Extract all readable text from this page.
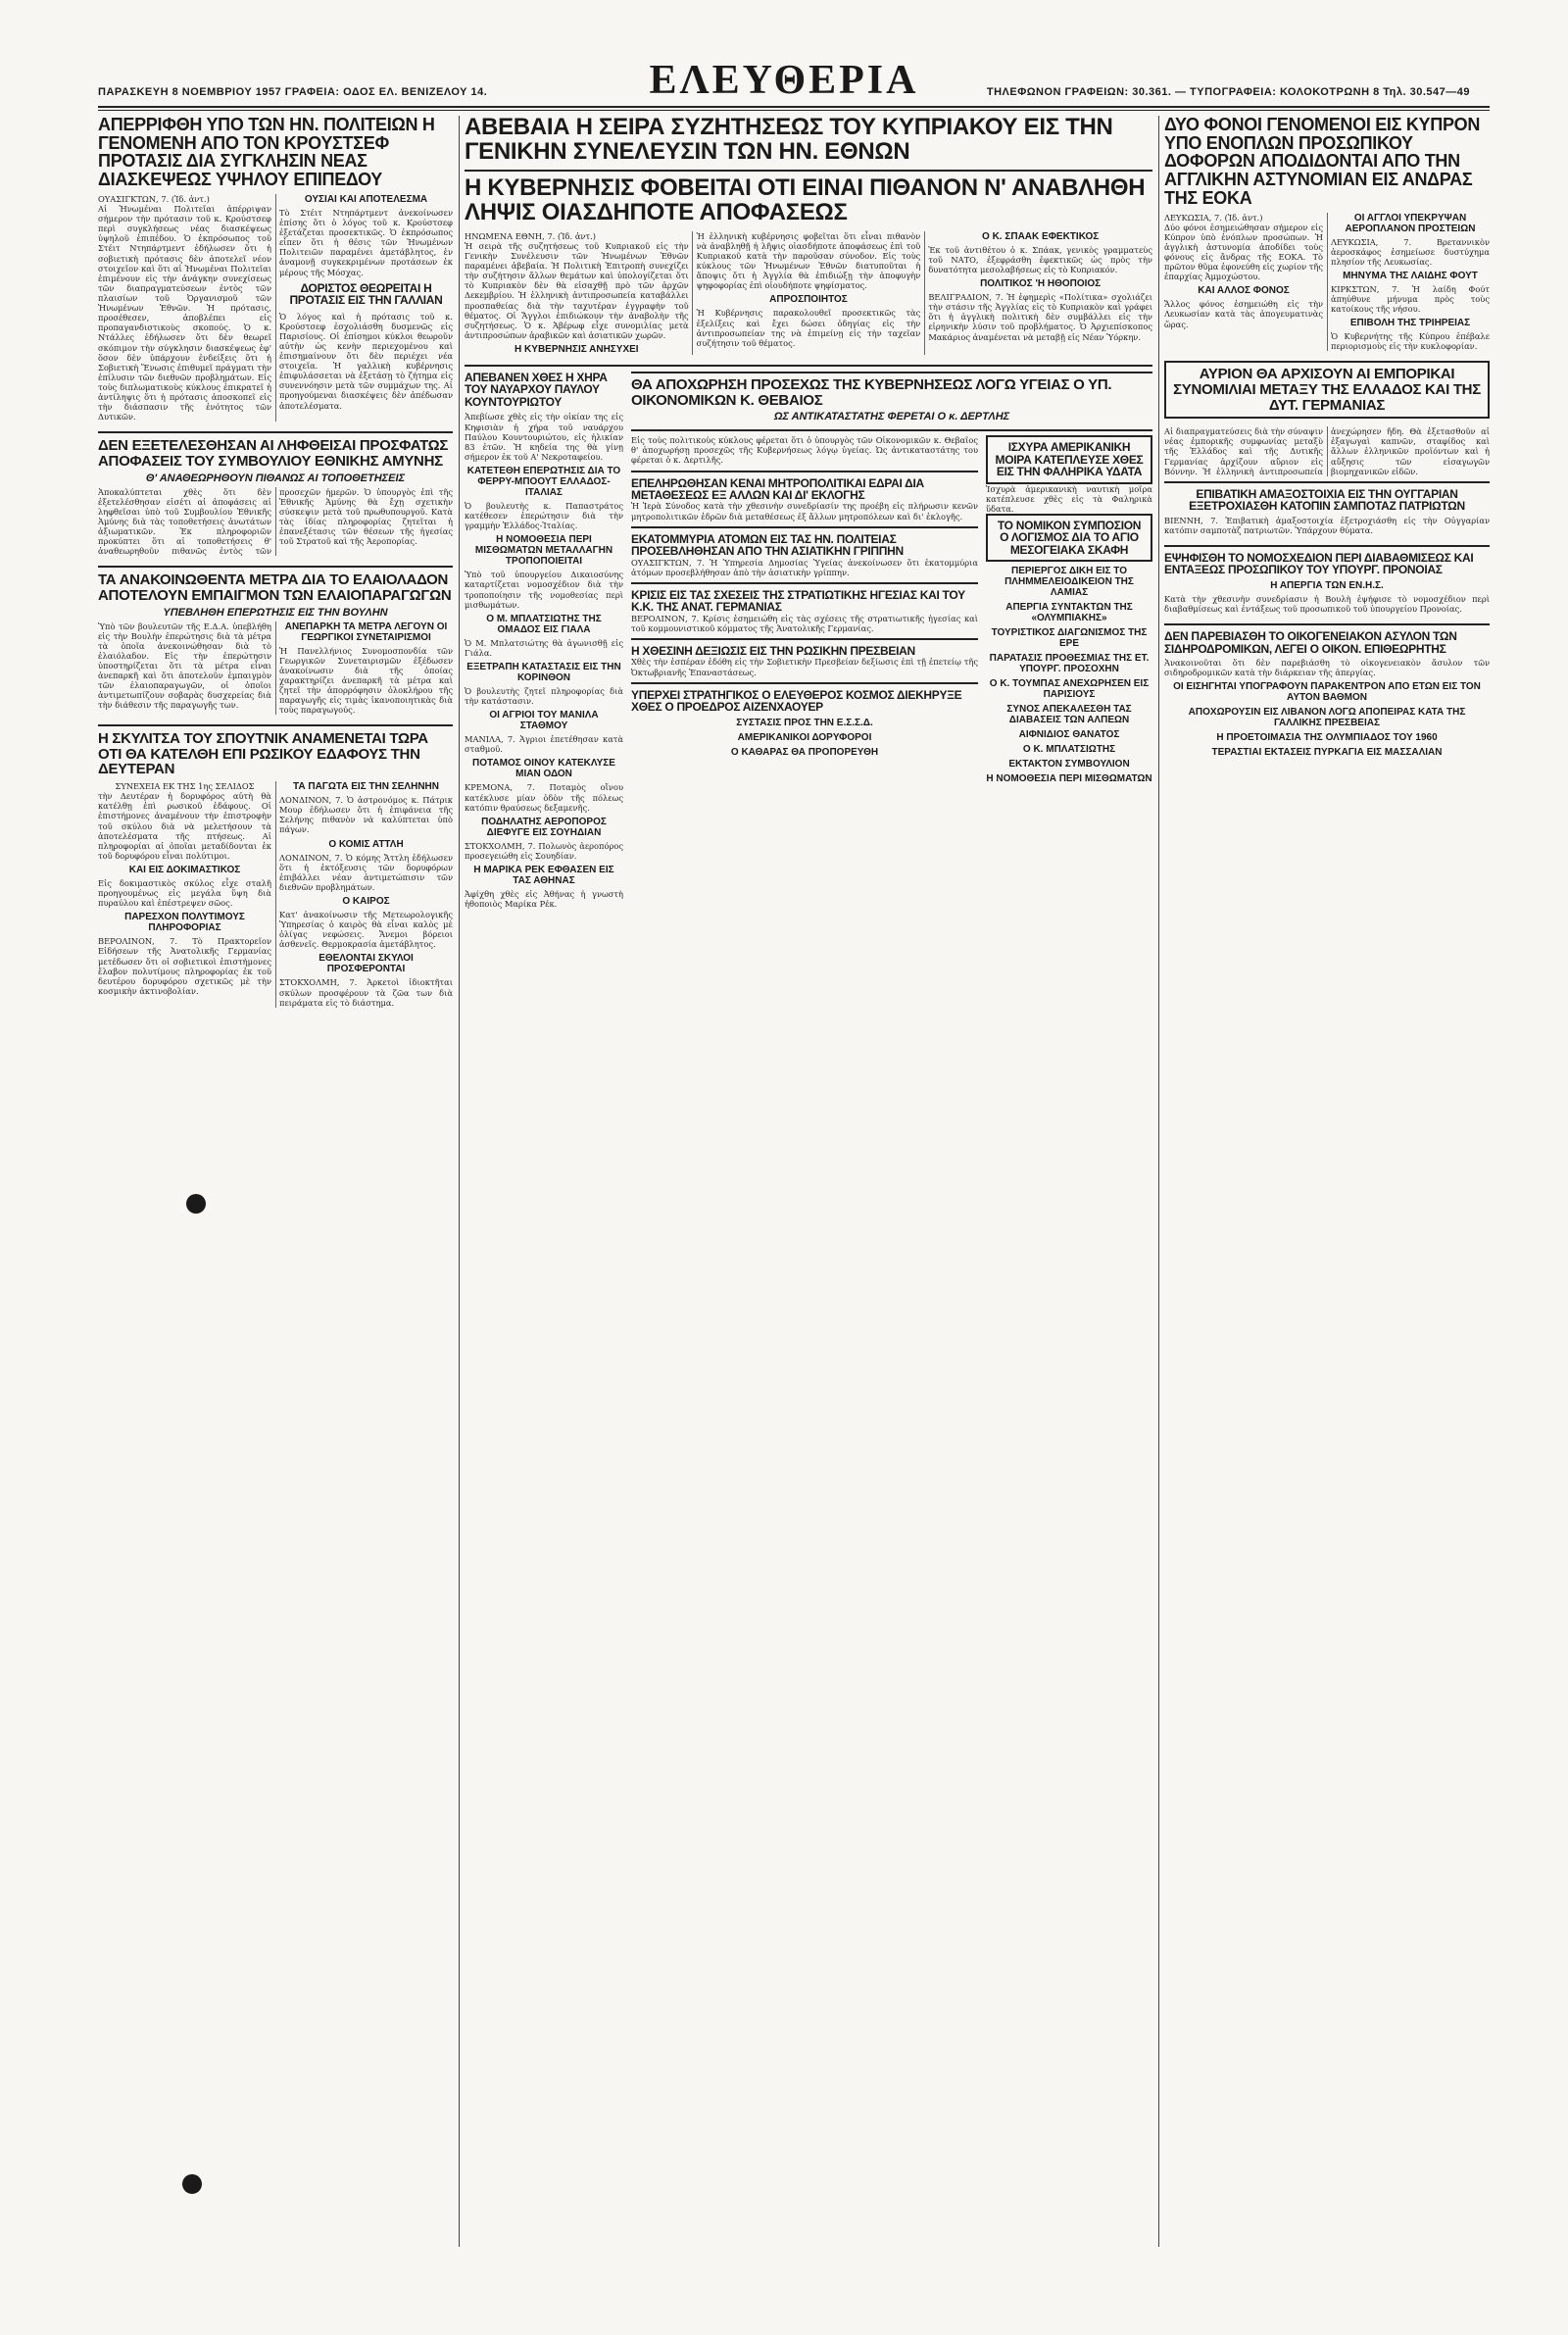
ΠΑΡΑΣΚΕΥΗ 8 ΝΟΕΜΒΡΙΟΥ 1957 ΓΡΑΦΕΙΑ: ΟΔΟΣ ΕΛ. ΒΕΝΙΖΕΛΟΥ 14.	ΕΛΕΥΘΕΡΙΑ	ΤΗΛΕΦΩΝΟΝ ΓΡΑΦΕΙΩΝ: 30.361. — ΤΥΠΟΓΡΑΦΕΙΑ: ΚΟΛΟΚΟΤΡΩΝΗ 8 Τηλ. 30.547—49
ΑΠΕΡΡΙΦΘΗ ΥΠΟ ΤΩΝ ΗΝ. ΠΟΛΙΤΕΙΩΝ Η ΓΕΝΟΜΕΝΗ ΑΠΟ ΤΟΝ ΚΡΟΥΣΤΣΕΦ ΠΡΟΤΑΣΙΣ ΔΙΑ ΣΥΓΚΛΗΣΙΝ ΝΕΑΣ ΔΙΑΣΚΕΨΕΩΣ ΥΨΗΛΟΥ ΕΠΙΠΕΔΟΥ

ΟΥΑΣΙΓΚΤΩΝ, 7. (Ἰδ. ἀντ.)

Αἱ Ἡνωμέναι Πολιτεῖαι ἀπέρριψαν σήμερον τὴν πρότασιν τοῦ κ. Κρούστσεφ περὶ συγκλήσεως νέας διασκέψεως ὑψηλοῦ ἐπιπέδου. Ὁ ἐκπρόσωπος τοῦ Στέιτ Ντηπάρτμεντ ἐδήλωσεν ὅτι ἡ σοβιετικὴ πρότασις δὲν ἀποτελεῖ νέον στοιχεῖον καὶ ὅτι αἱ Ἡνωμέναι Πολιτεῖαι ἐπιμένουν εἰς τὴν ἀνάγκην συνεχίσεως τῶν διαπραγματεύσεων ἐντὸς τῶν πλαισίων τοῦ Ὀργανισμοῦ τῶν Ἡνωμένων Ἐθνῶν. Ἡ πρότασις, προσέθεσεν, ἀποβλέπει εἰς προπαγανδιστικοὺς σκοπούς. Ὁ κ. Ντάλλες ἐδήλωσεν ὅτι δὲν θεωρεῖ σκόπιμον τὴν σύγκλησιν διασκέψεως ἐφ' ὅσον δὲν ὑπάρχουν ἐνδείξεις ὅτι ἡ Σοβιετικὴ Ἕνωσις ἐπιθυμεῖ πράγματι τὴν ἐπίλυσιν τῶν διεθνῶν προβλημάτων. Εἰς τοὺς διπλωματικοὺς κύκλους ἐπικρατεῖ ἡ ἀντίληψις ὅτι ἡ πρότασις ἀποσκοπεῖ εἰς τὴν διάσπασιν τῆς ἑνότητος τῶν Δυτικῶν.

ΟΥΣΙΑΙ ΚΑΙ ΑΠΟΤΕΛΕΣΜΑ

Τὸ Στέιτ Ντηπάρτμεντ ἀνεκοίνωσεν ἐπίσης ὅτι ὁ λόγος τοῦ κ. Κρούστσεφ ἐξετάζεται προσεκτικῶς. Ὁ ἐκπρόσωπος εἶπεν ὅτι ἡ θέσις τῶν Ἡνωμένων Πολιτειῶν παραμένει ἀμετάβλητος, ἐν ἀναμονῇ συγκεκριμένων προτάσεων ἐκ μέρους τῆς Μόσχας.

ΔΟΡΙΣΤΟΣ ΘΕΩΡΕΙΤΑΙ Η ΠΡΟΤΑΣΙΣ ΕΙΣ ΤΗΝ ΓΑΛΛΙΑΝ

Ὁ λόγος καὶ ἡ πρότασις τοῦ κ. Κρούστσεφ ἐσχολιάσθη δυσμενῶς εἰς Παρισίους. Οἱ ἐπίσημοι κύκλοι θεωροῦν αὐτὴν ὡς κενὴν περιεχομένου καὶ ἐπισημαίνουν ὅτι δὲν περιέχει νέα στοιχεῖα. Ἡ γαλλικὴ κυβέρνησις ἐπιφυλάσσεται νὰ ἐξετάσῃ τὸ ζήτημα εἰς συνεννόησιν μετὰ τῶν συμμάχων της. Αἱ προηγούμεναι διασκέψεις δὲν ἀπέδωσαν ἀποτελέσματα.

ΔΕΝ ΕΞΕΤΕΛΕΣΘΗΣΑΝ ΑΙ ΛΗΦΘΕΙΣΑΙ ΠΡΟΣΦΑΤΩΣ ΑΠΟΦΑΣΕΙΣ ΤΟΥ ΣΥΜΒΟΥΛΙΟΥ ΕΘΝΙΚΗΣ ΑΜΥΝΗΣ
Θ' ΑΝΑΘΕΩΡΗΘΟΥΝ ΠΙΘΑΝΩΣ ΑΙ ΤΟΠΟΘΕΤΗΣΕΙΣ

Ἀποκαλύπτεται χθὲς ὅτι δὲν ἐξετελέσθησαν εἰσέτι αἱ ἀποφάσεις αἱ ληφθεῖσαι ὑπὸ τοῦ Συμβουλίου Ἐθνικῆς Ἀμύνης διὰ τὰς τοποθετήσεις ἀνωτάτων ἀξιωματικῶν. Ἐκ πληροφοριῶν προκύπτει ὅτι αἱ τοποθετήσεις θ' ἀναθεωρηθοῦν πιθανῶς ἐντὸς τῶν προσεχῶν ἡμερῶν. Ὁ ὑπουργὸς ἐπὶ τῆς Ἐθνικῆς Ἀμύνης θὰ ἔχῃ σχετικὴν σύσκεψιν μετὰ τοῦ πρωθυπουργοῦ. Κατὰ τὰς ἰδίας πληροφορίας ζητεῖται ἡ ἐπανεξέτασις τῶν θέσεων τῆς ἡγεσίας τοῦ Στρατοῦ καὶ τῆς Ἀεροπορίας.

ΤΑ ΑΝΑΚΟΙΝΩΘΕΝΤΑ ΜΕΤΡΑ ΔΙΑ ΤΟ ΕΛΑΙΟΛΑΔΟΝ ΑΠΟΤΕΛΟΥΝ ΕΜΠΑΙΓΜΟΝ ΤΩΝ ΕΛΑΙΟΠΑΡΑΓΩΓΩΝ
ΥΠΕΒΛΗΘΗ ΕΠΕΡΩΤΗΣΙΣ ΕΙΣ ΤΗΝ ΒΟΥΛΗΝ

Ὑπὸ τῶν βουλευτῶν τῆς Ε.Δ.Α. ὑπεβλήθη εἰς τὴν Βουλὴν ἐπερώτησις διὰ τὰ μέτρα τὰ ὁποῖα ἀνεκοινώθησαν διὰ τὸ ἐλαιόλαδον. Εἰς τὴν ἐπερώτησιν ὑποστηρίζεται ὅτι τὰ μέτρα εἶναι ἀνεπαρκῆ καὶ ὅτι ἀποτελοῦν ἐμπαιγμὸν τῶν ἐλαιοπαραγωγῶν, οἱ ὁποῖοι ἀντιμετωπίζουν σοβαρὰς δυσχερείας διὰ τὴν διάθεσιν τῆς παραγωγῆς των.

ΑΝΕΠΑΡΚΗ ΤΑ ΜΕΤΡΑ ΛΕΓΟΥΝ ΟΙ ΓΕΩΡΓΙΚΟΙ ΣΥΝΕΤΑΙΡΙΣΜΟΙ

Ἡ Πανελλήνιος Συνομοσπονδία τῶν Γεωργικῶν Συνεταιρισμῶν ἐξέδωσεν ἀνακοίνωσιν διὰ τῆς ὁποίας χαρακτηρίζει ἀνεπαρκῆ τὰ μέτρα καὶ ζητεῖ τὴν ἀπορρόφησιν ὁλοκλήρου τῆς παραγωγῆς εἰς τιμὰς ἱκανοποιητικὰς διὰ τοὺς παραγωγούς.

Η ΣΚΥΛΙΤΣΑ ΤΟΥ ΣΠΟΥΤΝΙΚ ΑΝΑΜΕΝΕΤΑΙ ΤΩΡΑ ΟΤΙ ΘΑ ΚΑΤΕΛΘΗ ΕΠΙ ΡΩΣΙΚΟΥ ΕΔΑΦΟΥΣ ΤΗΝ ΔΕΥΤΕΡΑΝ

ΣΥΝΕΧΕΙΑ ΕΚ ΤΗΣ 1ης ΣΕΛΙΔΟΣ

τὴν Δευτέραν ἡ δορυφόρος αὐτὴ θὰ κατέλθῃ ἐπὶ ρωσικοῦ ἐδάφους. Οἱ ἐπιστήμονες ἀναμένουν τὴν ἐπιστροφὴν τοῦ σκύλου διὰ νὰ μελετήσουν τὰ ἀποτελέσματα τῆς πτήσεως. Αἱ πληροφορίαι αἱ ὁποῖαι μεταδίδονται ἐκ τοῦ δορυφόρου εἶναι πολύτιμοι.

ΚΑΙ ΕΙΣ ΔΟΚΙΜΑΣΤΙΚΟΣ

Εἰς δοκιμαστικὸς σκύλος εἶχε σταλῆ προηγουμένως εἰς μεγάλα ὕψη διὰ πυραύλου καὶ ἐπέστρεψεν σῶος.

ΠΑΡΕΣΧΟΝ ΠΟΛΥΤΙΜΟΥΣ ΠΛΗΡΟΦΟΡΙΑΣ

ΒΕΡΟΛΙΝΟΝ, 7. Τὸ Πρακτορεῖον Εἰδήσεων τῆς Ἀνατολικῆς Γερμανίας μετέδωσεν ὅτι οἱ σοβιετικοὶ ἐπιστήμονες ἔλαβον πολυτίμους πληροφορίας ἐκ τοῦ δευτέρου δορυφόρου σχετικῶς μὲ τὴν κοσμικὴν ἀκτινοβολίαν.

ΤΑ ΠΑΓΩΤΑ ΕΙΣ ΤΗΝ ΣΕΛΗΝΗΝ

ΛΟΝΔΙΝΟΝ, 7. Ὁ ἀστρονόμος κ. Πάτρικ Μουρ ἐδήλωσεν ὅτι ἡ ἐπιφάνεια τῆς Σελήνης πιθανὸν νὰ καλύπτεται ὑπὸ πάγων.

Ο ΚΟΜΙΣ ΑΤΤΛΗ

ΛΟΝΔΙΝΟΝ, 7. Ὁ κόμης Ἄττλη ἐδήλωσεν ὅτι ἡ ἐκτόξευσις τῶν δορυφόρων ἐπιβάλλει νέαν ἀντιμετώπισιν τῶν διεθνῶν προβλημάτων.

Ο ΚΑΙΡΟΣ

Κατ' ἀνακοίνωσιν τῆς Μετεωρολογικῆς Ὑπηρεσίας ὁ καιρὸς θὰ εἶναι καλὸς μὲ ὀλίγας νεφώσεις. Ἄνεμοι βόρειοι ἀσθενεῖς. Θερμοκρασία ἀμετάβλητος.

ΕΘΕΛΟΝΤΑΙ ΣΚΥΛΟΙ ΠΡΟΣΦΕΡΟΝΤΑΙ

ΣΤΟΚΧΟΛΜΗ, 7. Ἀρκετοὶ ἰδιοκτῆται σκύλων προσφέρουν τὰ ζῶα των διὰ πειράματα εἰς τὸ διάστημα.

ΑΒΕΒΑΙΑ Η ΣΕΙΡΑ ΣΥΖΗΤΗΣΕΩΣ ΤΟΥ ΚΥΠΡΙΑΚΟΥ ΕΙΣ ΤΗΝ ΓΕΝΙΚΗΝ ΣΥΝΕΛΕΥΣΙΝ ΤΩΝ ΗΝ. ΕΘΝΩΝ
Η ΚΥΒΕΡΝΗΣΙΣ ΦΟΒΕΙΤΑΙ ΟΤΙ ΕΙΝΑΙ ΠΙΘΑΝΟΝ Ν' ΑΝΑΒΛΗΘΗ ΛΗΨΙΣ ΟΙΑΣΔΗΠΟΤΕ ΑΠΟΦΑΣΕΩΣ

ΗΝΩΜΕΝΑ ΕΘΝΗ, 7. (Ἰδ. ἀντ.)

Ἡ σειρὰ τῆς συζητήσεως τοῦ Κυπριακοῦ εἰς τὴν Γενικὴν Συνέλευσιν τῶν Ἡνωμένων Ἐθνῶν παραμένει ἀβεβαία. Ἡ Πολιτικὴ Ἐπιτροπὴ συνεχίζει τὴν συζήτησιν ἄλλων θεμάτων καὶ ὑπολογίζεται ὅτι τὸ Κυπριακὸν δὲν θὰ εἰσαχθῇ πρὸ τῶν ἀρχῶν Δεκεμβρίου. Ἡ ἑλληνικὴ ἀντιπροσωπεία καταβάλλει προσπαθείας διὰ τὴν ταχυτέραν ἐγγραφὴν τοῦ θέματος. Οἱ Ἄγγλοι ἐπιδιώκουν τὴν ἀναβολὴν τῆς συζητήσεως. Ὁ κ. Ἀβέρωφ εἶχε συνομιλίας μετὰ ἀντιπροσώπων ἀραβικῶν καὶ ἀσιατικῶν χωρῶν.

Η ΚΥΒΕΡΝΗΣΙΣ ΑΝΗΣΥΧΕΙ

Ἡ ἑλληνικὴ κυβέρνησις φοβεῖται ὅτι εἶναι πιθανὸν νὰ ἀναβληθῇ ἡ λῆψις οἱασδήποτε ἀποφάσεως ἐπὶ τοῦ Κυπριακοῦ κατὰ τὴν παροῦσαν σύνοδον. Εἰς τοὺς κύκλους τῶν Ἡνωμένων Ἐθνῶν διατυποῦται ἡ ἄποψις ὅτι ἡ Ἀγγλία θὰ ἐπιδιώξῃ τὴν ἀποφυγὴν ψηφοφορίας ἐπὶ οἱουδήποτε ψηφίσματος.

ΑΠΡΟΣΠΟΙΗΤΟΣ

Ἡ Κυβέρνησις παρακολουθεῖ προσεκτικῶς τὰς ἐξελίξεις καὶ ἔχει δώσει ὁδηγίας εἰς τὴν ἀντιπροσωπείαν της νὰ ἐπιμείνῃ εἰς τὴν ταχεῖαν συζήτησιν τοῦ θέματος.

Ο Κ. ΣΠΑΑΚ ΕΦΕΚΤΙΚΟΣ

Ἐκ τοῦ ἀντιθέτου ὁ κ. Σπάακ, γενικὸς γραμματεὺς τοῦ ΝΑΤΟ, ἐξεφράσθη ἐφεκτικῶς ὡς πρὸς τὴν δυνατότητα μεσολαβήσεως εἰς τὸ Κυπριακόν.

ΠΟΛΙΤΙΚΟΣ 'Η ΗΘΟΠΟΙΟΣ

ΒΕΛΙΓΡΑΔΙΟΝ, 7. Ἡ ἐφημερὶς «Πολίτικα» σχολιάζει τὴν στάσιν τῆς Ἀγγλίας εἰς τὸ Κυπριακὸν καὶ γράφει ὅτι ἡ ἀγγλικὴ πολιτικὴ δὲν συμβάλλει εἰς τὴν εἰρηνικὴν λύσιν τοῦ προβλήματος. Ὁ Ἀρχιεπίσκοπος Μακάριος ἀναμένεται νὰ μεταβῇ εἰς Νέαν Ὑόρκην.

ΑΠΕΒΑΝΕΝ ΧΘΕΣ Η ΧΗΡΑ ΤΟΥ ΝΑΥΑΡΧΟΥ ΠΑΥΛΟΥ ΚΟΥΝΤΟΥΡΙΩΤΟΥ

Ἀπεβίωσε χθὲς εἰς τὴν οἰκίαν της εἰς Κηφισιὰν ἡ χήρα τοῦ ναυάρχου Παύλου Κουντουριώτου, εἰς ἡλικίαν 83 ἐτῶν. Ἡ κηδεία της θὰ γίνῃ σήμερον ἐκ τοῦ Α' Νεκροταφείου.

ΚΑΤΕΤΕΘΗ ΕΠΕΡΩΤΗΣΙΣ ΔΙΑ ΤΟ ΦΕΡΡΥ-ΜΠΟΟΥΤ ΕΛΛΑΔΟΣ-ΙΤΑΛΙΑΣ

Ὁ βουλευτὴς κ. Παπαστράτος κατέθεσεν ἐπερώτησιν διὰ τὴν γραμμὴν Ἑλλάδος-Ἰταλίας.

Η ΝΟΜΟΘΕΣΙΑ ΠΕΡΙ ΜΙΣΘΩΜΑΤΩΝ ΜΕΤΑΛΛΑΓΗΝ ΤΡΟΠΟΠΟΙΕΙΤΑΙ

Ὑπὸ τοῦ ὑπουργείου Δικαιοσύνης καταρτίζεται νομοσχέδιον διὰ τὴν τροποποίησιν τῆς νομοθεσίας περὶ μισθωμάτων.

Ο Μ. ΜΠΛΑΤΣΙΩΤΗΣ ΤΗΣ ΟΜΑΔΟΣ ΕΙΣ ΓΙΑΛΑ

Ὁ Μ. Μπλατσιώτης θὰ ἀγωνισθῇ εἰς Γιάλα.

ΕΞΕΤΡΑΠΗ ΚΑΤΑΣΤΑΣΙΣ ΕΙΣ ΤΗΝ ΚΟΡΙΝΘΟΝ

Ὁ βουλευτὴς ζητεῖ πληροφορίας διὰ τὴν κατάστασιν.

ΟΙ ΑΓΡΙΟΙ ΤΟΥ ΜΑΝΙΛΑ ΣΤΑΘΜΟΥ

ΜΑΝΙΛΑ, 7. Ἀγριοι ἐπετέθησαν κατὰ σταθμοῦ.

ΠΟΤΑΜΟΣ ΟΙΝΟΥ ΚΑΤΕΚΛΥΣΕ ΜΙΑΝ ΟΔΟΝ

ΚΡΕΜΟΝΑ, 7. Ποταμὸς οἴνου κατέκλυσε μίαν ὁδὸν τῆς πόλεως κατόπιν θραύσεως δεξαμενῆς.

ΠΟΔΗΛΑΤΗΣ ΑΕΡΟΠΟΡΟΣ ΔΙΕΦΥΓΕ ΕΙΣ ΣΟΥΗΔΙΑΝ

ΣΤΟΚΧΟΛΜΗ, 7. Πολωνὸς ἀεροπόρος προσεγειώθη εἰς Σουηδίαν.

Η ΜΑΡΙΚΑ ΡΕΚ ΕΦΘΑΣΕΝ ΕΙΣ ΤΑΣ ΑΘΗΝΑΣ

Ἀφίχθη χθὲς εἰς Ἀθήνας ἡ γνωστὴ ἠθοποιὸς Μαρίκα Ρέκ.

ΘΑ ΑΠΟΧΩΡΗΣΗ ΠΡΟΣΕΧΩΣ ΤΗΣ ΚΥΒΕΡΝΗΣΕΩΣ ΛΟΓΩ ΥΓΕΙΑΣ Ο ΥΠ. ΟΙΚΟΝΟΜΙΚΩΝ Κ. ΘΕΒΑΙΟΣ
ΩΣ ΑΝΤΙΚΑΤΑΣΤΑΤΗΣ ΦΕΡΕΤΑΙ Ο κ. ΔΕΡΤΛΗΣ

Εἰς τοὺς πολιτικοὺς κύκλους φέρεται ὅτι ὁ ὑπουργὸς τῶν Οἰκονομικῶν κ. Θεβαῖος θ' ἀποχωρήσῃ προσεχῶς τῆς Κυβερνήσεως λόγῳ ὑγείας. Ὡς ἀντικαταστάτης του φέρεται ὁ κ. Δερτιλῆς.

ΕΠΕΛΗΡΩΘΗΣΑΝ ΚΕΝΑΙ ΜΗΤΡΟΠΟΛΙΤΙΚΑΙ ΕΔΡΑΙ ΔΙΑ ΜΕΤΑΘΕΣΕΩΣ ΕΞ ΑΛΛΩΝ ΚΑΙ ΔΙ' ΕΚΛΟΓΗΣ

Ἡ Ἱερὰ Σύνοδος κατὰ τὴν χθεσινὴν συνεδρίασίν της προέβη εἰς πλήρωσιν κενῶν μητροπολιτικῶν ἑδρῶν διὰ μεταθέσεως ἐξ ἄλλων μητροπόλεων καὶ δι' ἐκλογῆς.

ΕΚΑΤΟΜΜΥΡΙΑ ΑΤΟΜΩΝ ΕΙΣ ΤΑΣ ΗΝ. ΠΟΛΙΤΕΙΑΣ ΠΡΟΣΕΒΛΗΘΗΣΑΝ ΑΠΟ ΤΗΝ ΑΣΙΑΤΙΚΗΝ ΓΡΙΠΠΗΝ

ΟΥΑΣΙΓΚΤΩΝ, 7. Ἡ Ὑπηρεσία Δημοσίας Ὑγείας ἀνεκοίνωσεν ὅτι ἑκατομμύρια ἀτόμων προσεβλήθησαν ἀπὸ τὴν ἀσιατικὴν γρίππην.

ΚΡΙΣΙΣ ΕΙΣ ΤΑΣ ΣΧΕΣΕΙΣ ΤΗΣ ΣΤΡΑΤΙΩΤΙΚΗΣ ΗΓΕΣΙΑΣ ΚΑΙ ΤΟΥ Κ.Κ. ΤΗΣ ΑΝΑΤ. ΓΕΡΜΑΝΙΑΣ

ΒΕΡΟΛΙΝΟΝ, 7. Κρίσις ἐσημειώθη εἰς τὰς σχέσεις τῆς στρατιωτικῆς ἡγεσίας καὶ τοῦ κομμουνιστικοῦ κόμματος τῆς Ἀνατολικῆς Γερμανίας.

Η ΧΘΕΣΙΝΗ ΔΕΞΙΩΣΙΣ ΕΙΣ ΤΗΝ ΡΩΣΙΚΗΝ ΠΡΕΣΒΕΙΑΝ

Χθὲς τὴν ἑσπέραν ἐδόθη εἰς τὴν Σοβιετικὴν Πρεσβείαν δεξίωσις ἐπὶ τῇ ἐπετείῳ τῆς Ὀκτωβριανῆς Ἐπαναστάσεως.

ΥΠΕΡΧΕΙ ΣΤΡΑΤΗΓΙΚΟΣ Ο ΕΛΕΥΘΕΡΟΣ ΚΟΣΜΟΣ ΔΙΕΚΗΡΥΞΕ ΧΘΕΣ Ο ΠΡΟΕΔΡΟΣ ΑΙΖΕΝΧΑΟΥΕΡ
ΣΥΣΤΑΣΙΣ ΠΡΟΣ ΤΗΝ Ε.Σ.Σ.Δ.
ΑΜΕΡΙΚΑΝΙΚΟΙ ΔΟΡΥΦΟΡΟΙ
Ο ΚΑΘΑΡΑΣ ΘΑ ΠΡΟΠΟΡΕΥΘΗ
ΙΣΧΥΡΑ ΑΜΕΡΙΚΑΝΙΚΗ ΜΟΙΡΑ ΚΑΤΕΠΛΕΥΣΕ ΧΘΕΣ ΕΙΣ ΤΗΝ ΦΑΛΗΡΙΚΑ ΥΔΑΤΑ

Ἰσχυρὰ ἀμερικανικὴ ναυτικὴ μοῖρα κατέπλευσε χθὲς εἰς τὰ Φαληρικὰ ὕδατα.

ΤΟ ΝΟΜΙΚΟΝ ΣΥΜΠΟΣΙΟΝ Ο ΛΟΓΙΣΜΟΣ ΔΙΑ ΤΟ ΑΓΙΟ ΜΕΣΟΓΕΙΑΚΑ ΣΚΑΦΗ
ΠΕΡΙΕΡΓΟΣ ΔΙΚΗ ΕΙΣ ΤΟ ΠΛΗΜΜΕΛΕΙΟΔΙΚΕΙΟΝ ΤΗΣ ΛΑΜΙΑΣ
ΑΠΕΡΓΙΑ ΣΥΝΤΑΚΤΩΝ ΤΗΣ «ΟΛΥΜΠΙΑΚΗΣ»
ΤΟΥΡΙΣΤΙΚΟΣ ΔΙΑΓΩΝΙΣΜΟΣ ΤΗΣ ΕΡΕ
ΠΑΡΑΤΑΣΙΣ ΠΡΟΘΕΣΜΙΑΣ ΤΗΣ ΕΤ. ΥΠΟΥΡΓ. ΠΡΟΣΟΧΗΝ
Ο Κ. ΤΟΥΜΠΑΣ ΑΝΕΧΩΡΗΣΕΝ ΕΙΣ ΠΑΡΙΣΙΟΥΣ
ΣΥΝΟΣ ΑΠΕΚΑΛΕΣΘΗ ΤΑΣ ΔΙΑΒΑΣΕΙΣ ΤΩΝ ΑΛΠΕΩΝ
ΑΙΦΝΙΔΙΟΣ ΘΑΝΑΤΟΣ
Ο Κ. ΜΠΛΑΤΣΙΩΤΗΣ
ΕΚΤΑΚΤΟΝ ΣΥΜΒΟΥΛΙΟΝ
Η ΝΟΜΟΘΕΣΙΑ ΠΕΡΙ ΜΙΣΘΩΜΑΤΩΝ
ΔΥΟ ΦΟΝΟΙ ΓΕΝΟΜΕΝΟΙ ΕΙΣ ΚΥΠΡΟΝ ΥΠΟ ΕΝΟΠΛΩΝ ΠΡΟΣΩΠΙΚΟΥ ΔΟΦΟΡΩΝ ΑΠΟΔΙΔΟΝΤΑΙ ΑΠΟ ΤΗΝ ΑΓΓΛΙΚΗΝ ΑΣΤΥΝΟΜΙΑΝ ΕΙΣ ΑΝΔΡΑΣ ΤΗΣ ΕΟΚΑ

ΛΕΥΚΩΣΙΑ, 7. (Ἰδ. ἀντ.)

Δύο φόνοι ἐσημειώθησαν σήμερον εἰς Κύπρον ὑπὸ ἐνόπλων προσώπων. Ἡ ἀγγλικὴ ἀστυνομία ἀποδίδει τοὺς φόνους εἰς ἄνδρας τῆς ΕΟΚΑ. Τὸ πρῶτον θῦμα ἐφονεύθη εἰς χωρίον τῆς ἐπαρχίας Ἀμμοχώστου.

ΚΑΙ ΑΛΛΟΣ ΦΟΝΟΣ

Ἄλλος φόνος ἐσημειώθη εἰς τὴν Λευκωσίαν κατὰ τὰς ἀπογευματινὰς ὥρας.

ΟΙ ΑΓΓΛΟΙ ΥΠΕΚΡΥΨΑΝ ΑΕΡΟΠΛΑΝΟΝ ΠΡΟΣΤΕΙΩΝ

ΛΕΥΚΩΣΙΑ, 7. Βρεταννικὸν ἀεροσκάφος ἐσημείωσε δυστύχημα πλησίον τῆς Λευκωσίας.

ΜΗΝΥΜΑ ΤΗΣ ΛΑΙΔΗΣ ΦΟΥΤ

ΚΙΡΚΣΤΩΝ, 7. Ἡ λαίδη Φούτ ἀπηύθυνε μήνυμα πρὸς τοὺς κατοίκους τῆς νήσου.

ΕΠΙΒΟΛΗ ΤΗΣ ΤΡΙΗΡΕΙΑΣ

Ὁ Κυβερνήτης τῆς Κύπρου ἐπέβαλε περιορισμοὺς εἰς τὴν κυκλοφορίαν.

ΑΥΡΙΟΝ ΘΑ ΑΡΧΙΣΟΥΝ ΑΙ ΕΜΠΟΡΙΚΑΙ ΣΥΝΟΜΙΛΙΑΙ ΜΕΤΑΞΥ ΤΗΣ ΕΛΛΑΔΟΣ ΚΑΙ ΤΗΣ ΔΥΤ. ΓΕΡΜΑΝΙΑΣ

Αἱ διαπραγματεύσεις διὰ τὴν σύναψιν νέας ἐμπορικῆς συμφωνίας μεταξὺ τῆς Ἑλλάδος καὶ τῆς Δυτικῆς Γερμανίας ἀρχίζουν αὔριον εἰς Βόννην. Ἡ ἑλληνικὴ ἀντιπροσωπεία ἀνεχώρησεν ἤδη. Θὰ ἐξετασθοῦν αἱ ἐξαγωγαὶ καπνῶν, σταφίδος καὶ ἄλλων ἑλληνικῶν προϊόντων καὶ ἡ αὔξησις τῶν εἰσαγωγῶν βιομηχανικῶν εἰδῶν.

ΕΠΙΒΑΤΙΚΗ ΑΜΑΞΟΣΤΟΙΧΙΑ ΕΙΣ ΤΗΝ ΟΥΓΓΑΡΙΑΝ ΕΞΕΤΡΟΧΙΑΣΘΗ ΚΑΤΟΠΙΝ ΣΑΜΠΟΤΑΖ ΠΑΤΡΙΩΤΩΝ

ΒΙΕΝΝΗ, 7. Ἐπιβατικὴ ἁμαξοστοιχία ἐξετροχιάσθη εἰς τὴν Οὐγγαρίαν κατόπιν σαμποτὰζ πατριωτῶν. Ὑπάρχουν θύματα.

ΕΨΗΦΙΣΘΗ ΤΟ ΝΟΜΟΣΧΕΔΙΟΝ ΠΕΡΙ ΔΙΑΒΑΘΜΙΣΕΩΣ ΚΑΙ ΕΝΤΑΞΕΩΣ ΠΡΟΣΩΠΙΚΟΥ ΤΟΥ ΥΠΟΥΡΓ. ΠΡΟΝΟΙΑΣ
Η ΑΠΕΡΓΙΑ ΤΩΝ ΕΝ.Η.Σ.

Κατὰ τὴν χθεσινὴν συνεδρίασιν ἡ Βουλὴ ἐψήφισε τὸ νομοσχέδιον περὶ διαβαθμίσεως καὶ ἐντάξεως τοῦ προσωπικοῦ τοῦ ὑπουργείου Προνοίας.

ΔΕΝ ΠΑΡΕΒΙΑΣΘΗ ΤΟ ΟΙΚΟΓΕΝΕΙΑΚΟΝ ΑΣΥΛΟΝ ΤΩΝ ΣΙΔΗΡΟΔΡΟΜΙΚΩΝ, ΛΕΓΕΙ Ο ΟΙΚΟΝ. ΕΠΙΘΕΩΡΗΤΗΣ

Ἀνακοινοῦται ὅτι δὲν παρεβιάσθη τὸ οἰκογενειακὸν ἄσυλον τῶν σιδηροδρομικῶν κατὰ τὴν διάρκειαν τῆς ἀπεργίας.

ΟΙ ΕΙΣΗΓΗΤΑΙ ΥΠΟΓΡΑΦΟΥΝ ΠΑΡΑΚΕΝΤΡΟΝ ΑΠΟ ΕΤΩΝ ΕΙΣ ΤΟΝ ΑΥΤΟΝ ΒΑΘΜΟΝ
ΑΠΟΧΩΡΟΥΣΙΝ ΕΙΣ ΛΙΒΑΝΟΝ ΛΟΓΩ ΑΠΟΠΕΙΡΑΣ ΚΑΤΑ ΤΗΣ ΓΑΛΛΙΚΗΣ ΠΡΕΣΒΕΙΑΣ
Η ΠΡΟΕΤΟΙΜΑΣΙΑ ΤΗΣ ΟΛΥΜΠΙΑΔΟΣ ΤΟΥ 1960
ΤΕΡΑΣΤΙΑΙ ΕΚΤΑΣΕΙΣ ΠΥΡΚΑΓΙΑ ΕΙΣ ΜΑΣΣΑΛΙΑΝ
